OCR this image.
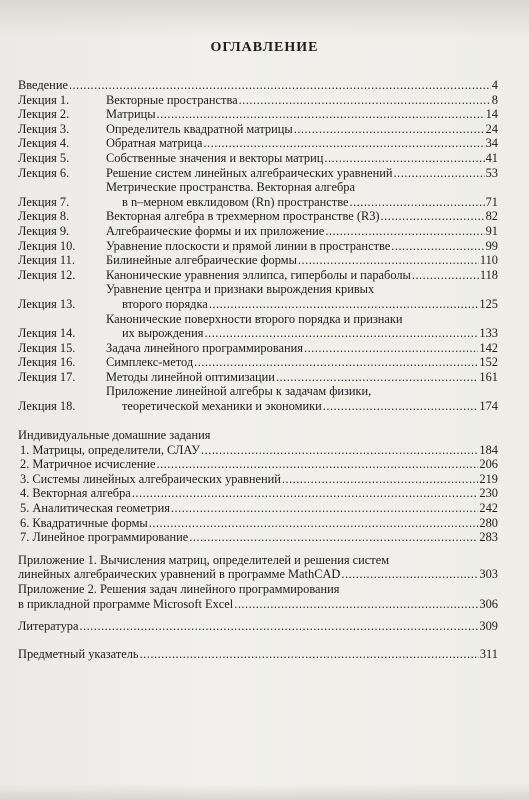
ОГЛАВЛЕНИЕ
Введение .....	4
Лекция 1.	Векторные пространства .....	8
Лекция 2.	Матрицы .....	14
Лекция 3.	Определитель квадратной матрицы .....	24
Лекция 4.	Обратная матрица .....	34
Лекция 5.	Собственные значения и векторы матриц .....	41
Лекция 6.	Решение систем линейных алгебраических уравнений .....	53
Лекция 7.
Метрические пространства. Векторная алгебра
в n–мерном евклидовом (Rn) пространстве .....	71
Лекция 8.	Векторная алгебра в трехмерном пространстве (R3) .....	82
Лекция 9.	Алгебраические формы и их приложение .....	91
Лекция 10.	Уравнение плоскости и прямой линии в пространстве .....	99
Лекция 11.	Билинейные алгебраические формы .....	110
Лекция 12.	Канонические уравнения эллипса, гиперболы и параболы .....	118
Лекция 13.
Уравнение центра и признаки вырождения кривых
второго порядка .....	125
Лекция 14.
Канонические поверхности второго порядка и признаки
их вырождения .....	133
Лекция 15.	Задача линейного программирования .....	142
Лекция 16.	Симплекс-метод .....	152
Лекция 17.	Методы линейной оптимизации .....	161
Лекция 18.
Приложение линейной алгебры к задачам физики,
теоретической механики и экономики .....	174
Индивидуальные домашние задания
1. Матрицы, определители, СЛАУ .....	184
2. Матричное исчисление .....	206
3. Системы линейных алгебраических уравнений .....	219
4. Векторная алгебра .....	230
5. Аналитическая геометрия .....	242
6. Квадратичные формы .....	280
7. Линейное программирование .....	283
Приложение 1. Вычисления матриц, определителей и решения систем
линейных алгебраических уравнений в программе MathCAD .....	303
Приложение 2. Решения задач линейного программирования
в прикладной программе Microsoft Excel .....	306
Литература .....	309
Предметный указатель .....	311
